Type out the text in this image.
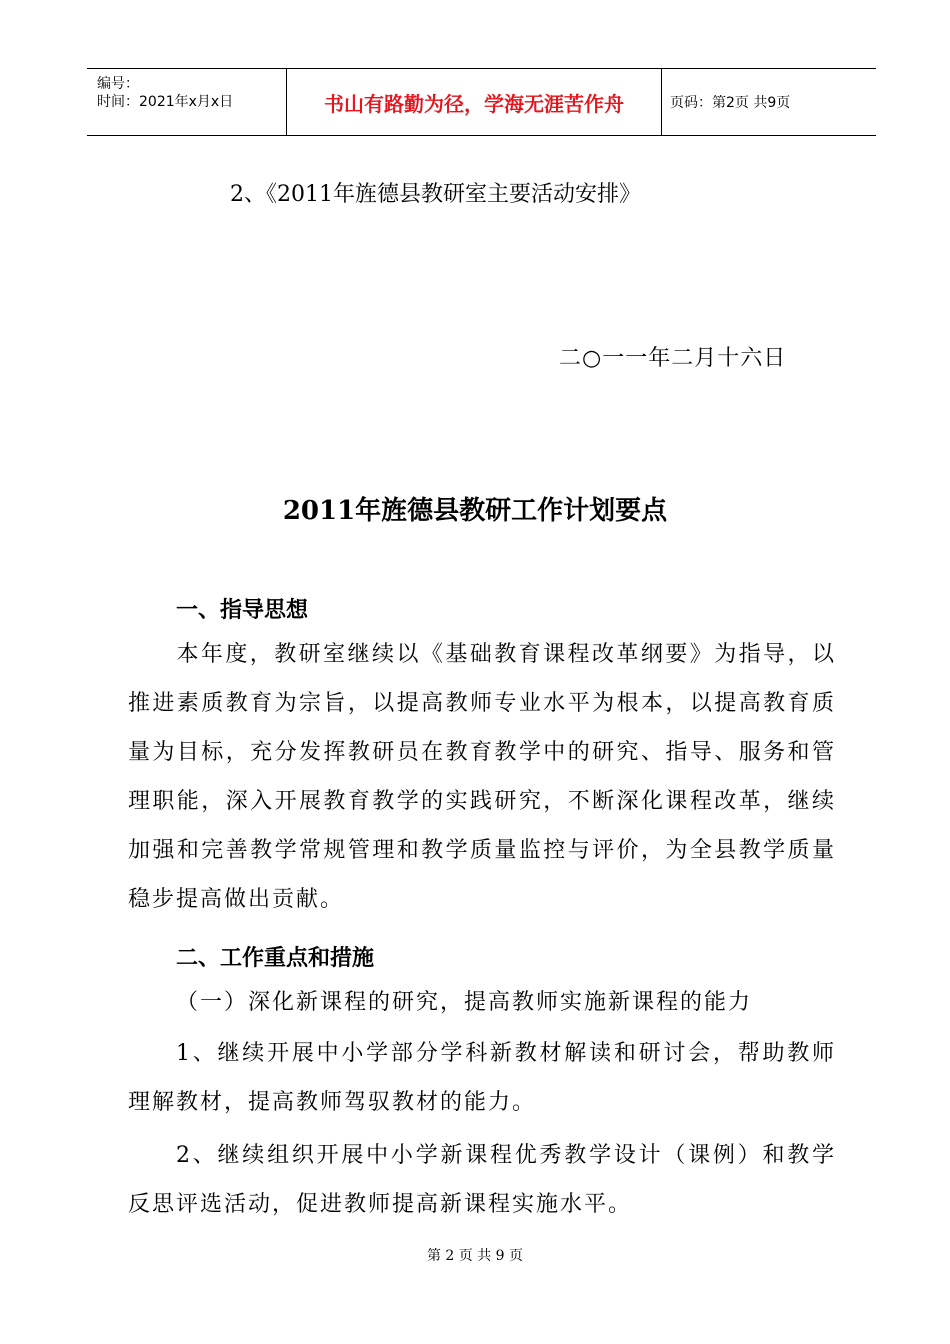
编号：
时间：2021年x月x日	书山有路勤为径，学海无涯苦作舟	页码：第2页 共9页
2、《2011年旌德县教研室主要活动安排》
二○一一年二月十六日
2011年旌德县教研工作计划要点
一、指导思想
本年度，教研室继续以《基础教育课程改革纲要》为指导，以推进素质教育为宗旨，以提高教师专业水平为根本，以提高教育质量为目标，充分发挥教研员在教育教学中的研究、指导、服务和管理职能，深入开展教育教学的实践研究，不断深化课程改革，继续加强和完善教学常规管理和教学质量监控与评价，为全县教学质量稳步提高做出贡献。
二、工作重点和措施
（一）深化新课程的研究，提高教师实施新课程的能力
1、继续开展中小学部分学科新教材解读和研讨会，帮助教师理解教材，提高教师驾驭教材的能力。
2、继续组织开展中小学新课程优秀教学设计（课例）和教学反思评选活动，促进教师提高新课程实施水平。
第 2 页 共 9 页
